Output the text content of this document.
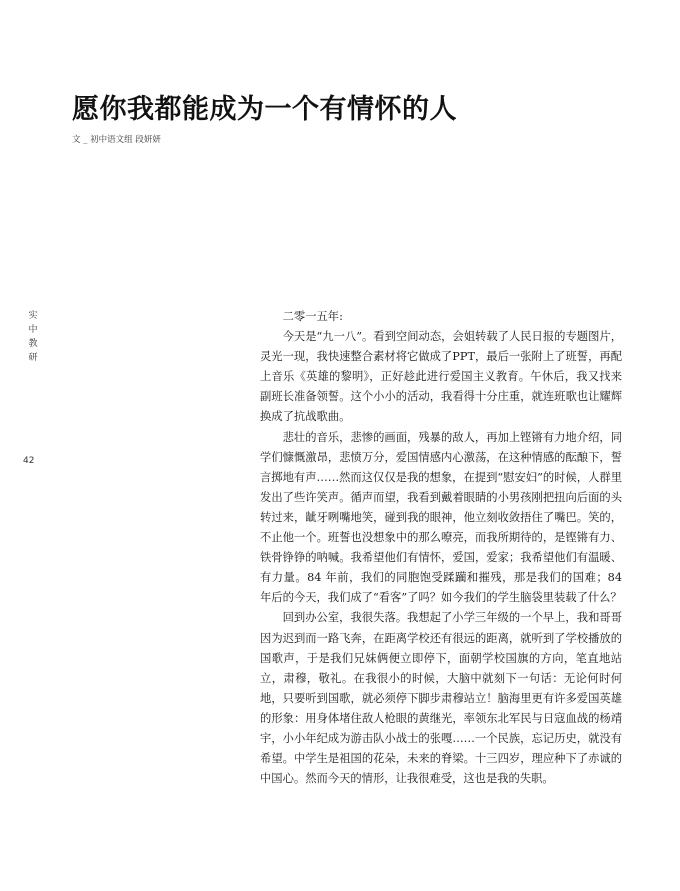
愿你我都能成为一个有情怀的人
文 _ 初中语文组 段妍妍
实
中
教
研
42

二零一五年:

今天是“九一八”。看到空间动态，会姐转载了人民日报的专题图片，灵光一现，我快速整合素材将它做成了PPT，最后一张附上了班誓，再配上音乐《英雄的黎明》，正好趁此进行爱国主义教育。午休后，我又找来副班长准备领誓。这个小小的活动，我看得十分庄重，就连班歌也让耀辉换成了抗战歌曲。

悲壮的音乐，悲惨的画面，残暴的敌人，再加上铿锵有力地介绍，同学们慷慨激昂，悲愤万分，爱国情感内心激荡，在这种情感的酝酿下，誓言掷地有声……然而这仅仅是我的想象，在提到“慰安妇”的时候，人群里发出了些许笑声。循声而望，我看到戴着眼睛的小男孩刚把扭向后面的头转过来，龇牙咧嘴地笑，碰到我的眼神，他立刻收敛捂住了嘴巴。笑的，不止他一个。班誓也没想象中的那么嘹亮，而我所期待的，是铿锵有力、铁骨铮铮的呐喊。我希望他们有情怀，爱国，爱家；我希望他们有温暖、有力量。84 年前，我们的同胞饱受蹂躏和摧残，那是我们的国难；84 年后的今天，我们成了“看客”了吗？如今我们的学生脑袋里装载了什么？

回到办公室，我很失落。我想起了小学三年级的一个早上，我和哥哥因为迟到而一路飞奔，在距离学校还有很远的距离，就听到了学校播放的国歌声，于是我们兄妹俩便立即停下，面朝学校国旗的方向，笔直地站立，肃穆，敬礼。在我很小的时候，大脑中就刻下一句话：无论何时何地，只要听到国歌，就必须停下脚步肃穆站立！脑海里更有许多爱国英雄的形象：用身体堵住敌人枪眼的黄继光，率领东北军民与日寇血战的杨靖宇，小小年纪成为游击队小战士的张嘎……一个民族，忘记历史，就没有希望。中学生是祖国的花朵，未来的脊梁。十三四岁，理应种下了赤诚的中国心。然而今天的情形，让我很难受，这也是我的失职。
